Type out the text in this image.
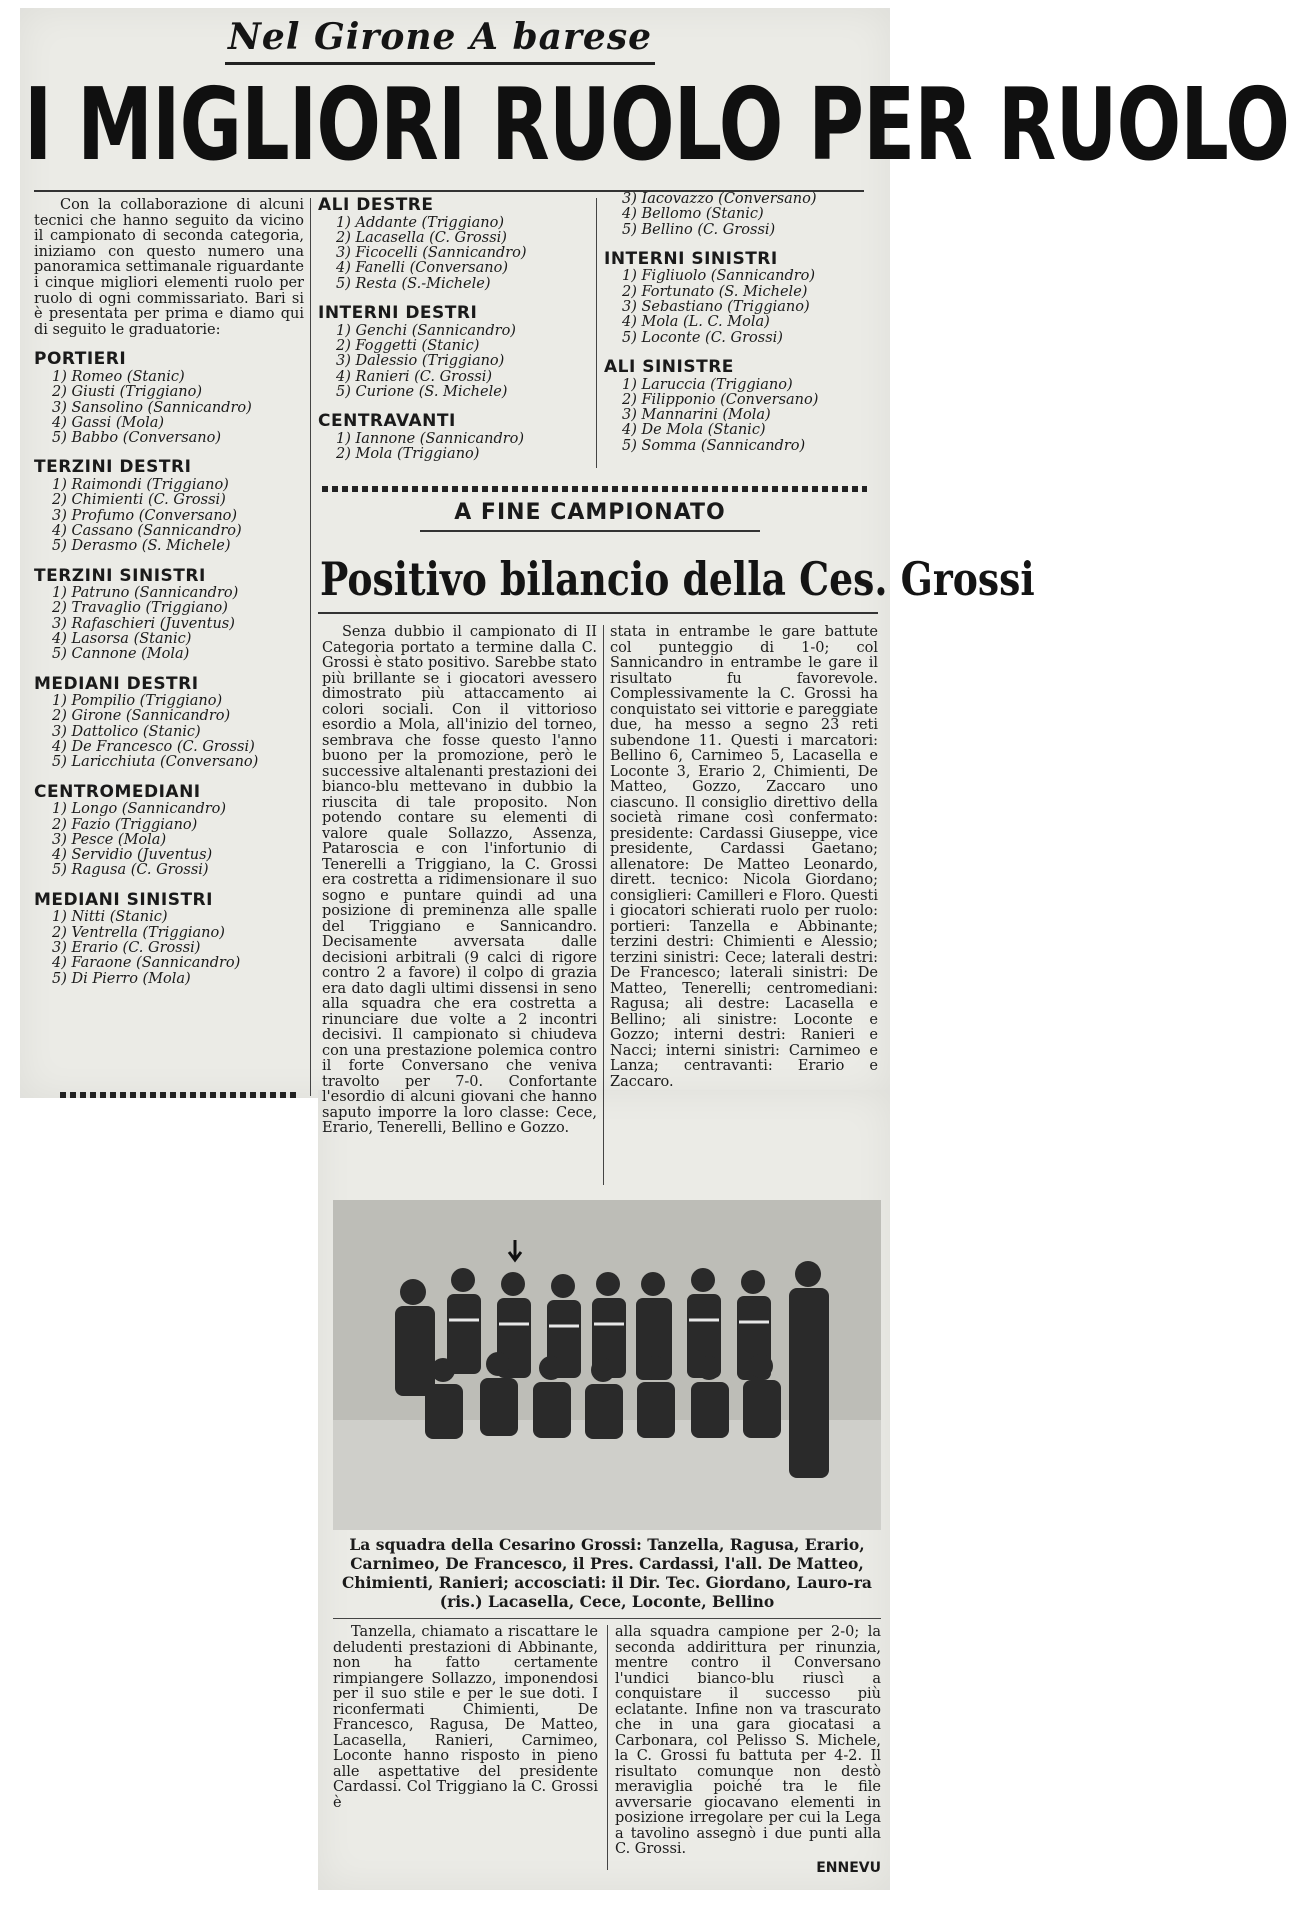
Nel Girone A barese
I MIGLIORI RUOLO PER RUOLO
Con la collaborazione di alcuni tecnici che hanno seguito da vicino il campionato di seconda categoria, iniziamo con questo numero una panoramica settimanale riguardante i cinque migliori elementi ruolo per ruolo di ogni commissariato. Bari si è presentata per prima e diamo qui di seguito le graduatorie:
PORTIERI
1) Romeo (Stanic)
2) Giusti (Triggiano)
3) Sansolino (Sannicandro)
4) Gassi (Mola)
5) Babbo (Conversano)
TERZINI DESTRI
1) Raimondi (Triggiano)
2) Chimienti (C. Grossi)
3) Profumo (Conversano)
4) Cassano (Sannicandro)
5) Derasmo (S. Michele)
TERZINI SINISTRI
1) Patruno (Sannicandro)
2) Travaglio (Triggiano)
3) Rafaschieri (Juventus)
4) Lasorsa (Stanic)
5) Cannone (Mola)
MEDIANI DESTRI
1) Pompilio (Triggiano)
2) Girone (Sannicandro)
3) Dattolico (Stanic)
4) De Francesco (C. Grossi)
5) Laricchiuta (Conversano)
CENTROMEDIANI
1) Longo (Sannicandro)
2) Fazio (Triggiano)
3) Pesce (Mola)
4) Servidio (Juventus)
5) Ragusa (C. Grossi)
MEDIANI SINISTRI
1) Nitti (Stanic)
2) Ventrella (Triggiano)
3) Erario (C. Grossi)
4) Faraone (Sannicandro)
5) Di Pierro (Mola)
ALI DESTRE
1) Addante (Triggiano)
2) Lacasella (C. Grossi)
3) Ficocelli (Sannicandro)
4) Fanelli (Conversano)
5) Resta (S.-Michele)
INTERNI DESTRI
1) Genchi (Sannicandro)
2) Foggetti (Stanic)
3) Dalessio (Triggiano)
4) Ranieri (C. Grossi)
5) Curione (S. Michele)
CENTRAVANTI
1) Iannone (Sannicandro)
2) Mola (Triggiano)
3) Iacovazzo (Conversano)
4) Bellomo (Stanic)
5) Bellino (C. Grossi)
INTERNI SINISTRI
1) Figliuolo (Sannicandro)
2) Fortunato (S. Michele)
3) Sebastiano (Triggiano)
4) Mola (L. C. Mola)
5) Loconte (C. Grossi)
ALI SINISTRE
1) Laruccia (Triggiano)
2) Filipponio (Conversano)
3) Mannarini (Mola)
4) De Mola (Stanic)
5) Somma (Sannicandro)
A FINE CAMPIONATO
Positivo bilancio della Ces. Grossi
Senza dubbio il campionato di II Categoria portato a termine dalla C. Grossi è stato positivo. Sarebbe stato più brillante se i giocatori avessero dimostrato più attaccamento ai colori sociali. Con il vittorioso esordio a Mola, all'inizio del torneo, sembrava che fosse questo l'anno buono per la promozione, però le successive altalenanti prestazioni dei bianco-blu mettevano in dubbio la riuscita di tale proposito. Non potendo contare su elementi di valore quale Sollazzo, Assenza, Pataroscia e con l'infortunio di Tenerelli a Triggiano, la C. Grossi era costretta a ridimensionare il suo sogno e puntare quindi ad una posizione di preminenza alle spalle del Triggiano e Sannicandro. Decisamente avversata dalle decisioni arbitrali (9 calci di rigore contro 2 a favore) il colpo di grazia era dato dagli ultimi dissensi in seno alla squadra che era costretta a rinunciare due volte a 2 incontri decisivi. Il campionato si chiudeva con una prestazione polemica contro il forte Conversano che veniva travolto per 7-0. Confortante l'esordio di alcuni giovani che hanno saputo imporre la loro classe: Cece, Erario, Tenerelli, Bellino e Gozzo.
stata in entrambe le gare battute col punteggio di 1-0; col Sannicandro in entrambe le gare il risultato fu favorevole. Complessivamente la C. Grossi ha conquistato sei vittorie e pareggiate due, ha messo a segno 23 reti subendone 11. Questi i marcatori: Bellino 6, Carnimeo 5, Lacasella e Loconte 3, Erario 2, Chimienti, De Matteo, Gozzo, Zaccaro uno ciascuno. Il consiglio direttivo della società rimane così confermato: presidente: Cardassi Giuseppe, vice presidente, Cardassi Gaetano; allenatore: De Matteo Leonardo, dirett. tecnico: Nicola Giordano; consiglieri: Camilleri e Floro. Questi i giocatori schierati ruolo per ruolo: portieri: Tanzella e Abbinante; terzini destri: Chimienti e Alessio; terzini sinistri: Cece; laterali destri: De Francesco; laterali sinistri: De Matteo, Tenerelli; centromediani: Ragusa; ali destre: Lacasella e Bellino; ali sinistre: Loconte e Gozzo; interni destri: Ranieri e Nacci; interni sinistri: Carnimeo e Lanza; centravanti: Erario e Zaccaro.
La squadra della Cesarino Grossi: Tanzella, Ragusa, Erario, Carnimeo, De Francesco, il Pres. Cardassi, l'all. De Matteo, Chimienti, Ranieri; accosciati: il Dir. Tec. Giordano, Lauro-ra (ris.) Lacasella, Cece, Loconte, Bellino
Tanzella, chiamato a riscattare le deludenti prestazioni di Abbinante, non ha fatto certamente rimpiangere Sollazzo, imponendosi per il suo stile e per le sue doti. I riconfermati Chimienti, De Francesco, Ragusa, De Matteo, Lacasella, Ranieri, Carnimeo, Loconte hanno risposto in pieno alle aspettative del presidente Cardassi. Col Triggiano la C. Grossi è
alla squadra campione per 2-0; la seconda addirittura per rinunzia, mentre contro il Conversano l'undici bianco-blu riuscì a conquistare il successo più eclatante. Infine non va trascurato che in una gara giocatasi a Carbonara, col Pelisso S. Michele, la C. Grossi fu battuta per 4-2. Il risultato comunque non destò meraviglia poiché tra le file avversarie giocavano elementi in posizione irregolare per cui la Lega a tavolino assegnò i due punti alla C. Grossi.
ENNEVU
